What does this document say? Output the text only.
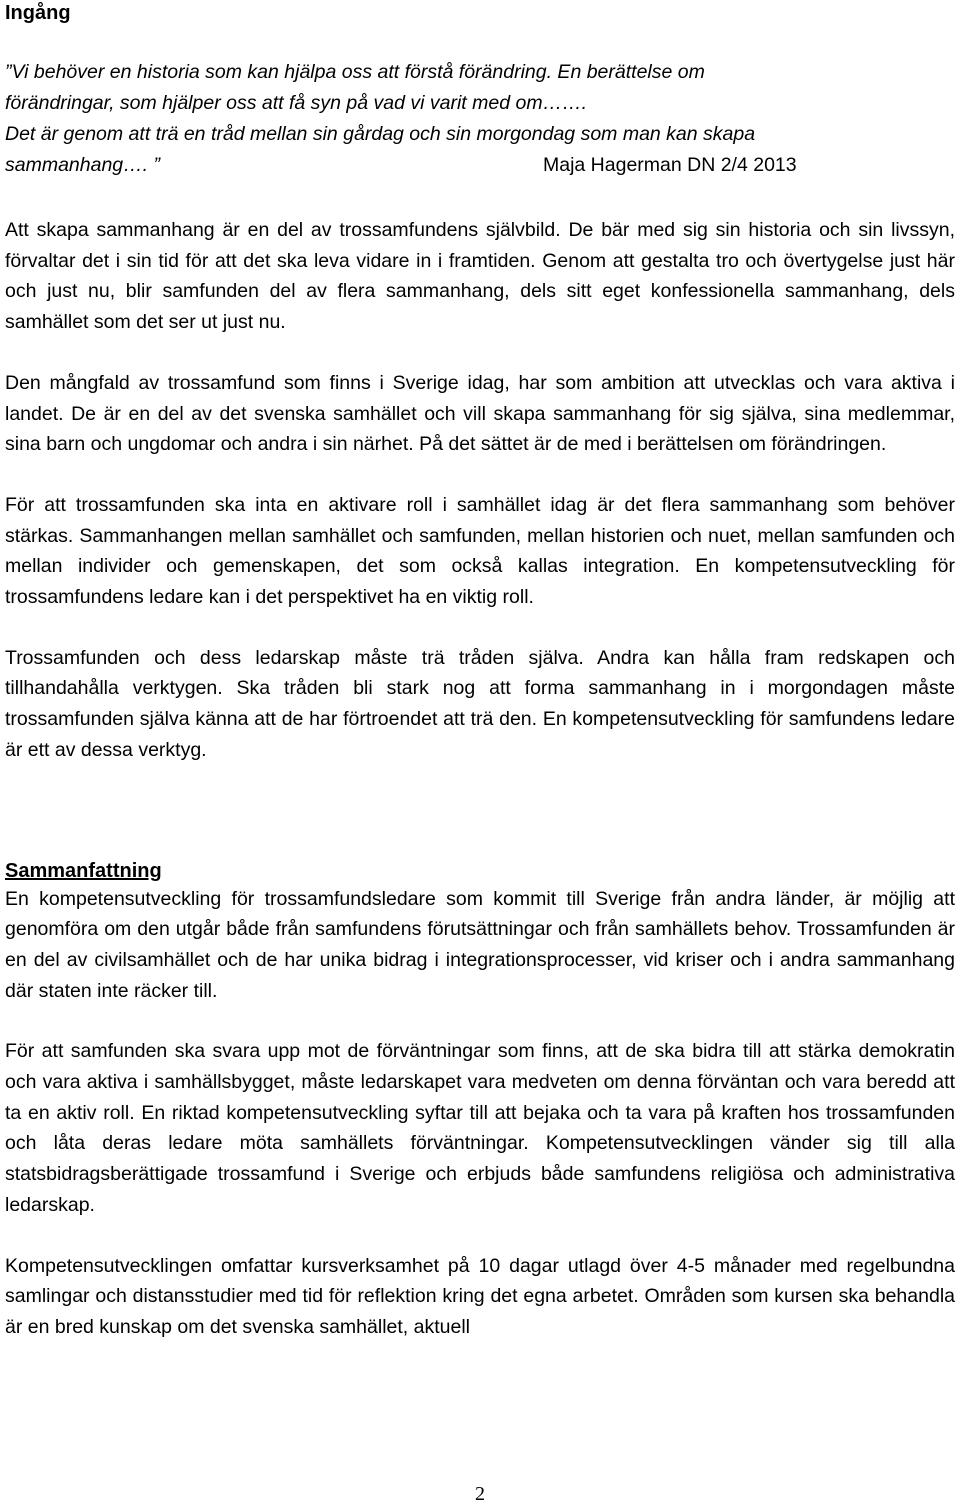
Ingång
”Vi behöver en historia som kan hjälpa oss att förstå förändring. En berättelse om
förändringar, som hjälper oss att få syn på vad vi varit med om…….
Det är genom att trä en tråd mellan sin gårdag och sin morgondag som man kan skapa
sammanhang…. ”	Maja Hagerman DN 2/4 2013

Att skapa sammanhang är en del av trossamfundens självbild. De bär med sig sin historia och sin livssyn, förvaltar det i sin tid för att det ska leva vidare in i framtiden. Genom att gestalta tro och övertygelse just här och just nu, blir samfunden del av flera sammanhang, dels sitt eget konfessionella sammanhang, dels samhället som det ser ut just nu.

Den mångfald av trossamfund som finns i Sverige idag, har som ambition att utvecklas och vara aktiva i landet. De är en del av det svenska samhället och vill skapa sammanhang för sig själva, sina medlemmar, sina barn och ungdomar och andra i sin närhet. På det sättet är de med i berättelsen om förändringen.

För att trossamfunden ska inta en aktivare roll i samhället idag är det flera sammanhang som behöver stärkas. Sammanhangen mellan samhället och samfunden, mellan historien och nuet, mellan samfunden och mellan individer och gemenskapen, det som också kallas integration. En kompetensutveckling för trossamfundens ledare kan i det perspektivet ha en viktig roll.

Trossamfunden och dess ledarskap måste trä tråden själva. Andra kan hålla fram redskapen och tillhandahålla verktygen. Ska tråden bli stark nog att forma sammanhang in i morgondagen måste trossamfunden själva känna att de har förtroendet att trä den. En kompetensutveckling för samfundens ledare är ett av dessa verktyg.

Sammanfattning

En kompetensutveckling för trossamfundsledare som kommit till Sverige från andra länder, är möjlig att genomföra om den utgår både från samfundens förutsättningar och från samhällets behov. Trossamfunden är en del av civilsamhället och de har unika bidrag i integrationsprocesser, vid kriser och i andra sammanhang där staten inte räcker till.

För att samfunden ska svara upp mot de förväntningar som finns, att de ska bidra till att stärka demokratin och vara aktiva i samhällsbygget, måste ledarskapet vara medveten om denna förväntan och vara beredd att ta en aktiv roll. En riktad kompetensutveckling syftar till att bejaka och ta vara på kraften hos trossamfunden och låta deras ledare möta samhällets förväntningar. Kompetensutvecklingen vänder sig till alla statsbidragsberättigade trossamfund i Sverige och erbjuds både samfundens religiösa och administrativa ledarskap.

Kompetensutvecklingen omfattar kursverksamhet på 10 dagar utlagd över 4-5 månader med regelbundna samlingar och distansstudier med tid för reflektion kring det egna arbetet. Områden som kursen ska behandla är en bred kunskap om det svenska samhället, aktuell

2
